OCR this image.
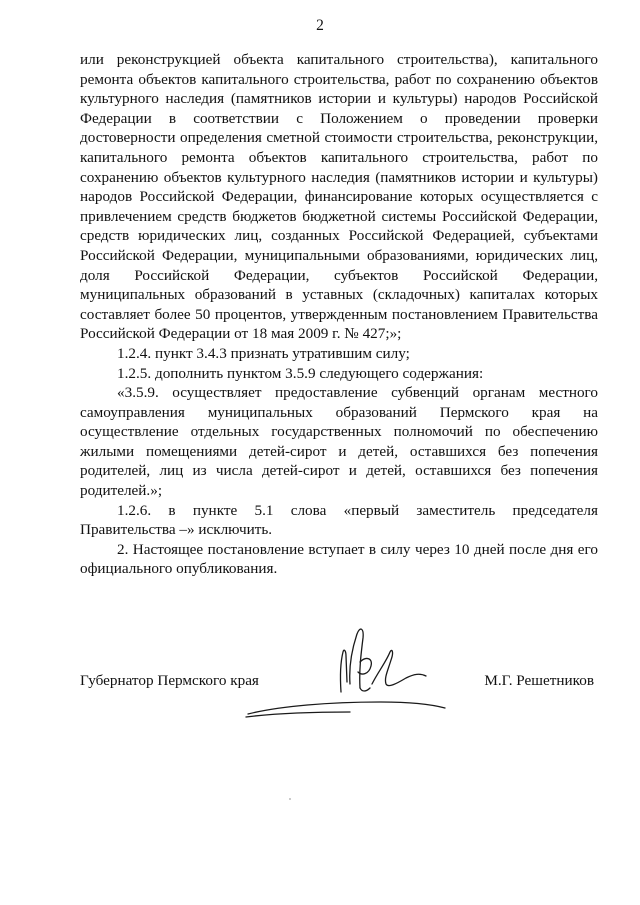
2

или реконструкцией объекта капитального строительства), капитального ремонта объектов капитального строительства, работ по сохранению объектов культурного наследия (памятников истории и культуры) народов Российской Федерации в соответствии с Положением о проведении проверки достоверности определения сметной стоимости строительства, реконструкции, капитального ремонта объектов капитального строительства, работ по сохранению объектов культурного наследия (памятников истории и культуры) народов Российской Федерации, финансирование которых осуществляется с привлечением средств бюджетов бюджетной системы Российской Федерации, средств юридических лиц, созданных Российской Федерацией, субъектами Российской Федерации, муниципальными образованиями, юридических лиц, доля Российской Федерации, субъектов Российской Федерации, муниципальных образований в уставных (складочных) капиталах которых составляет более 50 процентов, утвержденным постановлением Правительства Российской Федерации от 18 мая 2009 г. № 427;»;

1.2.4. пункт 3.4.3 признать утратившим силу;

1.2.5. дополнить пунктом 3.5.9 следующего содержания:

«3.5.9. осуществляет предоставление субвенций органам местного самоуправления муниципальных образований Пермского края на осуществление отдельных государственных полномочий по обеспечению жилыми помещениями детей-сирот и детей, оставшихся без попечения родителей, лиц из числа детей-сирот и детей, оставшихся без попечения родителей.»;

1.2.6. в пункте 5.1 слова «первый заместитель председателя Правительства –» исключить.

2. Настоящее постановление вступает в силу через 10 дней после дня его официального опубликования.

Губернатор Пермского края	М.Г. Решетников
